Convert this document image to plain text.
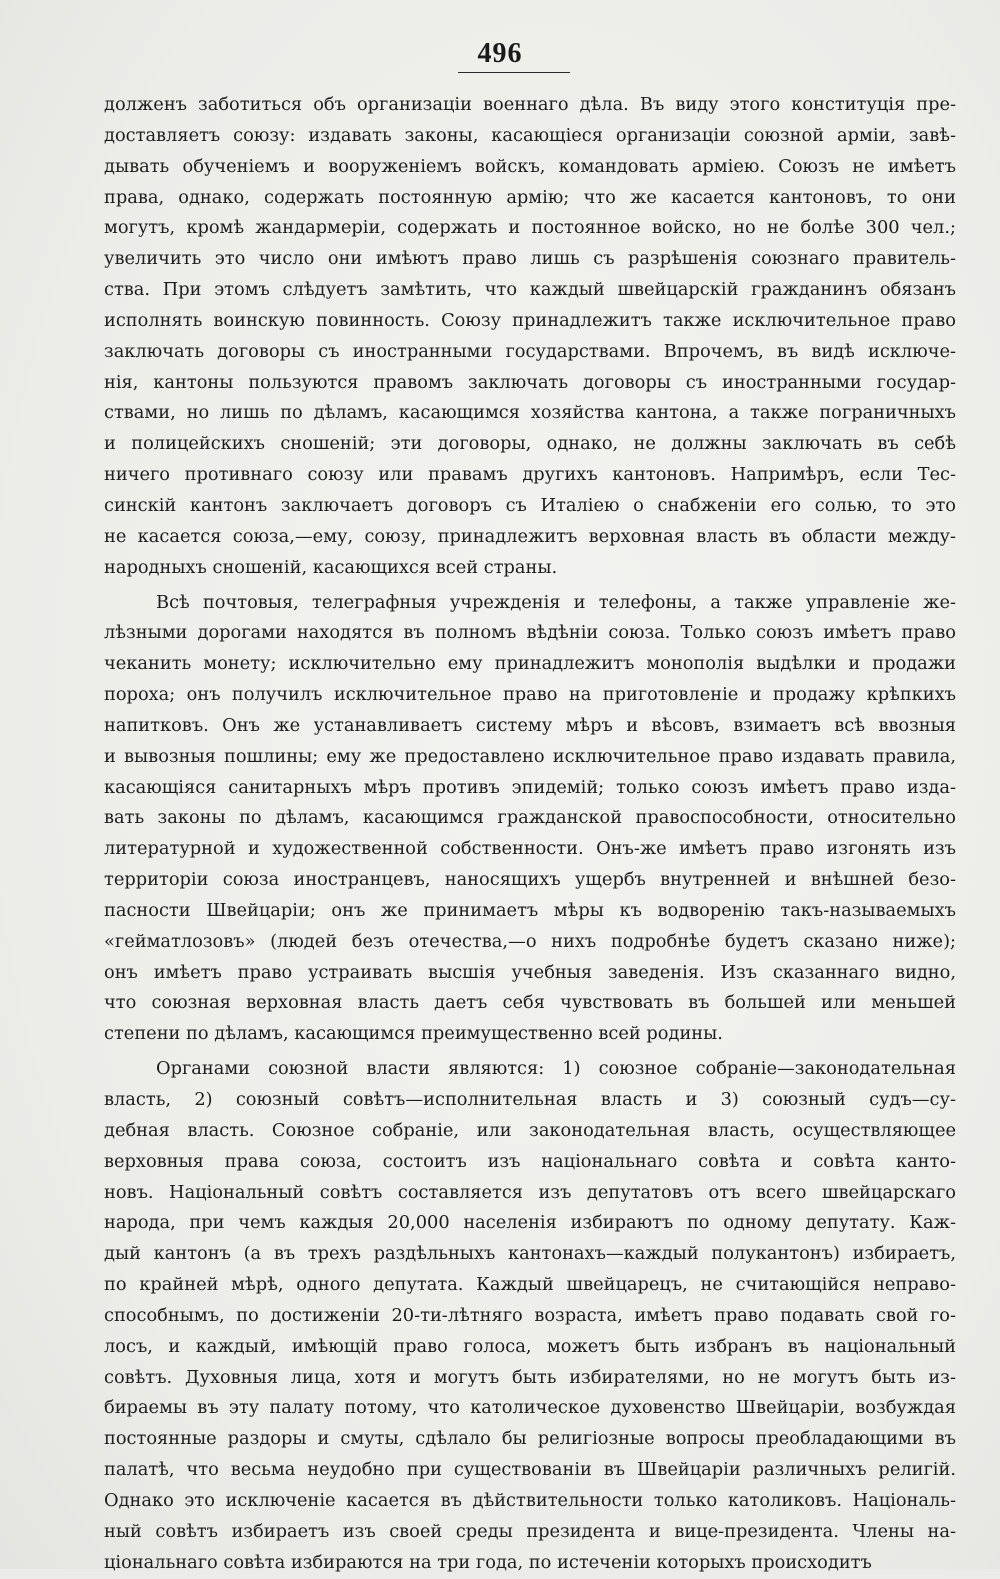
496
долженъ заботиться объ организаціи военнаго дѣла. Въ виду этого конституція пре-
доставляетъ союзу: издавать законы, касающіеся организаціи союзной арміи, завѣ-
дывать обученіемъ и вооруженіемъ войскъ, командовать арміею. Союзъ не имѣетъ
права, однако, содержать постоянную армію; что же касается кантоновъ, то они
могутъ, кромѣ жандармеріи, содержать и постоянное войско, но не болѣе 300 чел.;
увеличить это число они имѣютъ право лишь съ разрѣшенія союзнаго правитель-
ства. При этомъ слѣдуетъ замѣтить, что каждый швейцарскій гражданинъ обязанъ
исполнять воинскую повинность. Союзу принадлежитъ также исключительное право
заключать договоры съ иностранными государствами. Впрочемъ, въ видѣ исключе-
нія, кантоны пользуются правомъ заключать договоры съ иностранными государ-
ствами, но лишь по дѣламъ, касающимся хозяйства кантона, а также пограничныхъ
и полицейскихъ сношеній; эти договоры, однако, не должны заключать въ себѣ
ничего противнаго союзу или правамъ другихъ кантоновъ. Напримѣръ, если Тес-
синскій кантонъ заключаетъ договоръ съ Италіею о снабженіи его солью, то это
не касается союза,—ему, союзу, принадлежитъ верховная власть въ области между-
народныхъ сношеній, касающихся всей страны.
Всѣ почтовыя, телеграфныя учрежденія и телефоны, а также управленіе же-
лѣзными дорогами находятся въ полномъ вѣдѣніи союза. Только союзъ имѣетъ право
чеканить монету; исключительно ему принадлежитъ монополія выдѣлки и продажи
пороха; онъ получилъ исключительное право на приготовленіе и продажу крѣпкихъ
напитковъ. Онъ же устанавливаетъ систему мѣръ и вѣсовъ, взимаетъ всѣ ввозныя
и вывозныя пошлины; ему же предоставлено исключительное право издавать правила,
касающіяся санитарныхъ мѣръ противъ эпидемій; только союзъ имѣетъ право изда-
вать законы по дѣламъ, касающимся гражданской правоспособности, относительно
литературной и художественной собственности. Онъ-же имѣетъ право изгонять изъ
территоріи союза иностранцевъ, наносящихъ ущербъ внутренней и внѣшней безо-
пасности Швейцаріи; онъ же принимаетъ мѣры къ водворенію такъ-называемыхъ
«гейматлозовъ» (людей безъ отечества,—о нихъ подробнѣе будетъ сказано ниже);
онъ имѣетъ право устраивать высшія учебныя заведенія. Изъ сказаннаго видно,
что союзная верховная власть даетъ себя чувствовать въ большей или меньшей
степени по дѣламъ, касающимся преимущественно всей родины.
Органами союзной власти являются: 1) союзное собраніе—законодательная
власть, 2) союзный совѣтъ—исполнительная власть и 3) союзный судъ—су-
дебная власть. Союзное собраніе, или законодательная власть, осуществляющее
верховныя права союза, состоитъ изъ національнаго совѣта и совѣта канто-
новъ. Національный совѣтъ составляется изъ депутатовъ отъ всего швейцарскаго
народа, при чемъ каждыя 20,000 населенія избираютъ по одному депутату. Каж-
дый кантонъ (а въ трехъ раздѣльныхъ кантонахъ—каждый полукантонъ) избираетъ,
по крайней мѣрѣ, одного депутата. Каждый швейцарецъ, не считающійся неправо-
способнымъ, по достиженіи 20-ти-лѣтняго возраста, имѣетъ право подавать свой го-
лосъ, и каждый, имѣющій право голоса, можетъ быть избранъ въ національный
совѣтъ. Духовныя лица, хотя и могутъ быть избирателями, но не могутъ быть из-
бираемы въ эту палату потому, что католическое духовенство Швейцаріи, возбуждая
постоянные раздоры и смуты, сдѣлало бы религіозные вопросы преобладающими въ
палатѣ, что весьма неудобно при существованіи въ Швейцаріи различныхъ религій.
Однако это исключеніе касается въ дѣйствительности только католиковъ. Національ-
ный совѣтъ избираетъ изъ своей среды президента и вице-президента. Члены на-
ціональнаго совѣта избираются на три года, по истеченіи которыхъ происходитъ
